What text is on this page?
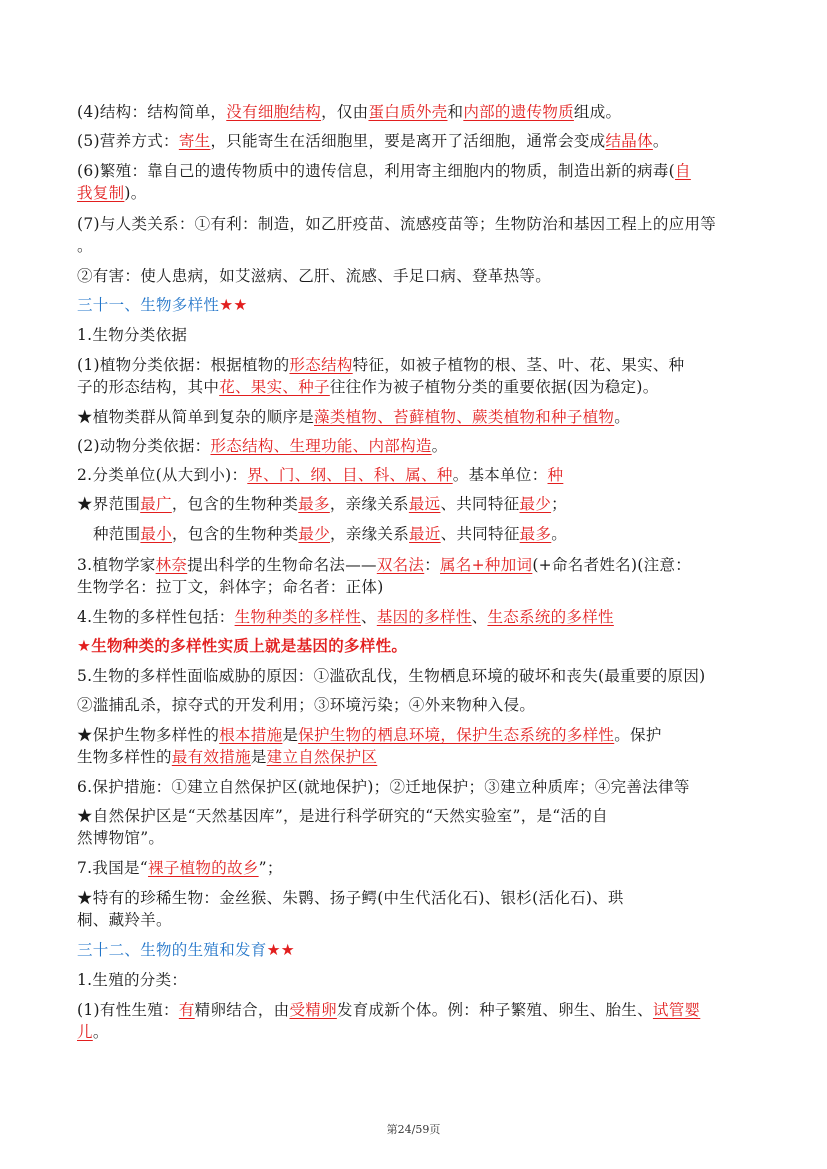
(4)结构：结构简单，没有细胞结构，仅由蛋白质外壳和内部的遗传物质组成。
(5)营养方式：寄生，只能寄生在活细胞里，要是离开了活细胞，通常会变成结晶体。
(6)繁殖：靠自己的遗传物质中的遗传信息，利用寄主细胞内的物质，制造出新的病毒(自
我复制)。
(7)与人类关系：①有利：制造，如乙肝疫苗、流感疫苗等；生物防治和基因工程上的应用等
。
②有害：使人患病，如艾滋病、乙肝、流感、手足口病、登革热等。
三十一、生物多样性★★
1.生物分类依据
(1)植物分类依据：根据植物的形态结构特征，如被子植物的根、茎、叶、花、果实、种
子的形态结构，其中花、果实、种子往往作为被子植物分类的重要依据(因为稳定)。
★植物类群从简单到复杂的顺序是藻类植物、苔藓植物、蕨类植物和种子植物。
(2)动物分类依据：形态结构、生理功能、内部构造。
2.分类单位(从大到小)：界、门、纲、目、科、属、种。基本单位：种
★界范围最广，包含的生物种类最多，亲缘关系最远、共同特征最少；
种范围最小，包含的生物种类最少，亲缘关系最近、共同特征最多。
3.植物学家林奈提出科学的生物命名法——双名法：属名+种加词(+命名者姓名)(注意：
生物学名：拉丁文，斜体字；命名者：正体)
4.生物的多样性包括：生物种类的多样性、基因的多样性、生态系统的多样性
★生物种类的多样性实质上就是基因的多样性。
5.生物的多样性面临威胁的原因：①滥砍乱伐，生物栖息环境的破坏和丧失(最重要的原因)
②滥捕乱杀，掠夺式的开发利用；③环境污染；④外来物种入侵。
★保护生物多样性的根本措施是保护生物的栖息环境，保护生态系统的多样性。保护
生物多样性的最有效措施是建立自然保护区
6.保护措施：①建立自然保护区(就地保护)；②迁地保护；③建立种质库；④完善法律等
★自然保护区是“天然基因库”，是进行科学研究的“天然实验室”，是“活的自
然博物馆”。
7.我国是“裸子植物的故乡”；
★特有的珍稀生物：金丝猴、朱鹮、扬子鳄(中生代活化石)、银杉(活化石)、珙
桐、藏羚羊。
三十二、生物的生殖和发育★★
1.生殖的分类：
(1)有性生殖：有精卵结合，由受精卵发育成新个体。例：种子繁殖、卵生、胎生、试管婴
儿。
第24/59页
